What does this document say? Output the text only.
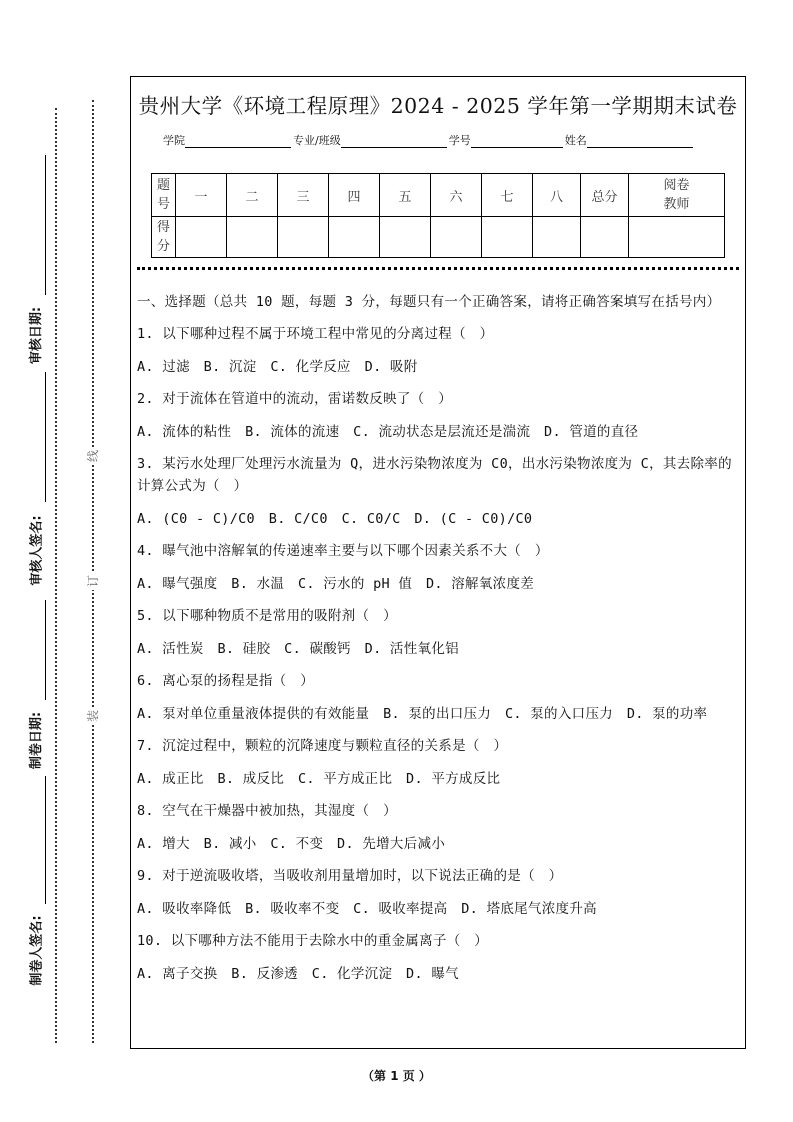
线
订
装
审核日期:
审核人签名:
制卷日期:
制卷人签名:
贵州大学《环境工程原理》2024 - 2025 学年第一学期期末试卷
学院	专业/班级	学号	姓名
题
号	一	二	三	四	五	六	七	八	总分	阅卷
教师

得
分										

一、选择题（总共 10 题，每题 3 分，每题只有一个正确答案，请将正确答案填写在括号内）

1. 以下哪种过程不属于环境工程中常见的分离过程（　）

A. 过滤　B. 沉淀　C. 化学反应　D. 吸附

2. 对于流体在管道中的流动，雷诺数反映了（　）

A. 流体的粘性　B. 流体的流速　C. 流动状态是层流还是湍流　D. 管道的直径

3. 某污水处理厂处理污水流量为 Q，进水污染物浓度为 C0，出水污染物浓度为 C，其去除率的计算公式为（　）

A. (C0 - C)/C0　B. C/C0　C. C0/C　D. (C - C0)/C0

4. 曝气池中溶解氧的传递速率主要与以下哪个因素关系不大（　）

A. 曝气强度　B. 水温　C. 污水的 pH 值　D. 溶解氧浓度差

5. 以下哪种物质不是常用的吸附剂（　）

A. 活性炭　B. 硅胶　C. 碳酸钙　D. 活性氧化铝

6. 离心泵的扬程是指（　）

A. 泵对单位重量液体提供的有效能量　B. 泵的出口压力　C. 泵的入口压力　D. 泵的功率

7. 沉淀过程中，颗粒的沉降速度与颗粒直径的关系是（　）

A. 成正比　B. 成反比　C. 平方成正比　D. 平方成反比

8. 空气在干燥器中被加热，其湿度（　）

A. 增大　B. 减小　C. 不变　D. 先增大后减小

9. 对于逆流吸收塔，当吸收剂用量增加时，以下说法正确的是（　）

A. 吸收率降低　B. 吸收率不变　C. 吸收率提高　D. 塔底尾气浓度升高

10. 以下哪种方法不能用于去除水中的重金属离子（　）

A. 离子交换　B. 反渗透　C. 化学沉淀　D. 曝气

（第 1 页 ）
